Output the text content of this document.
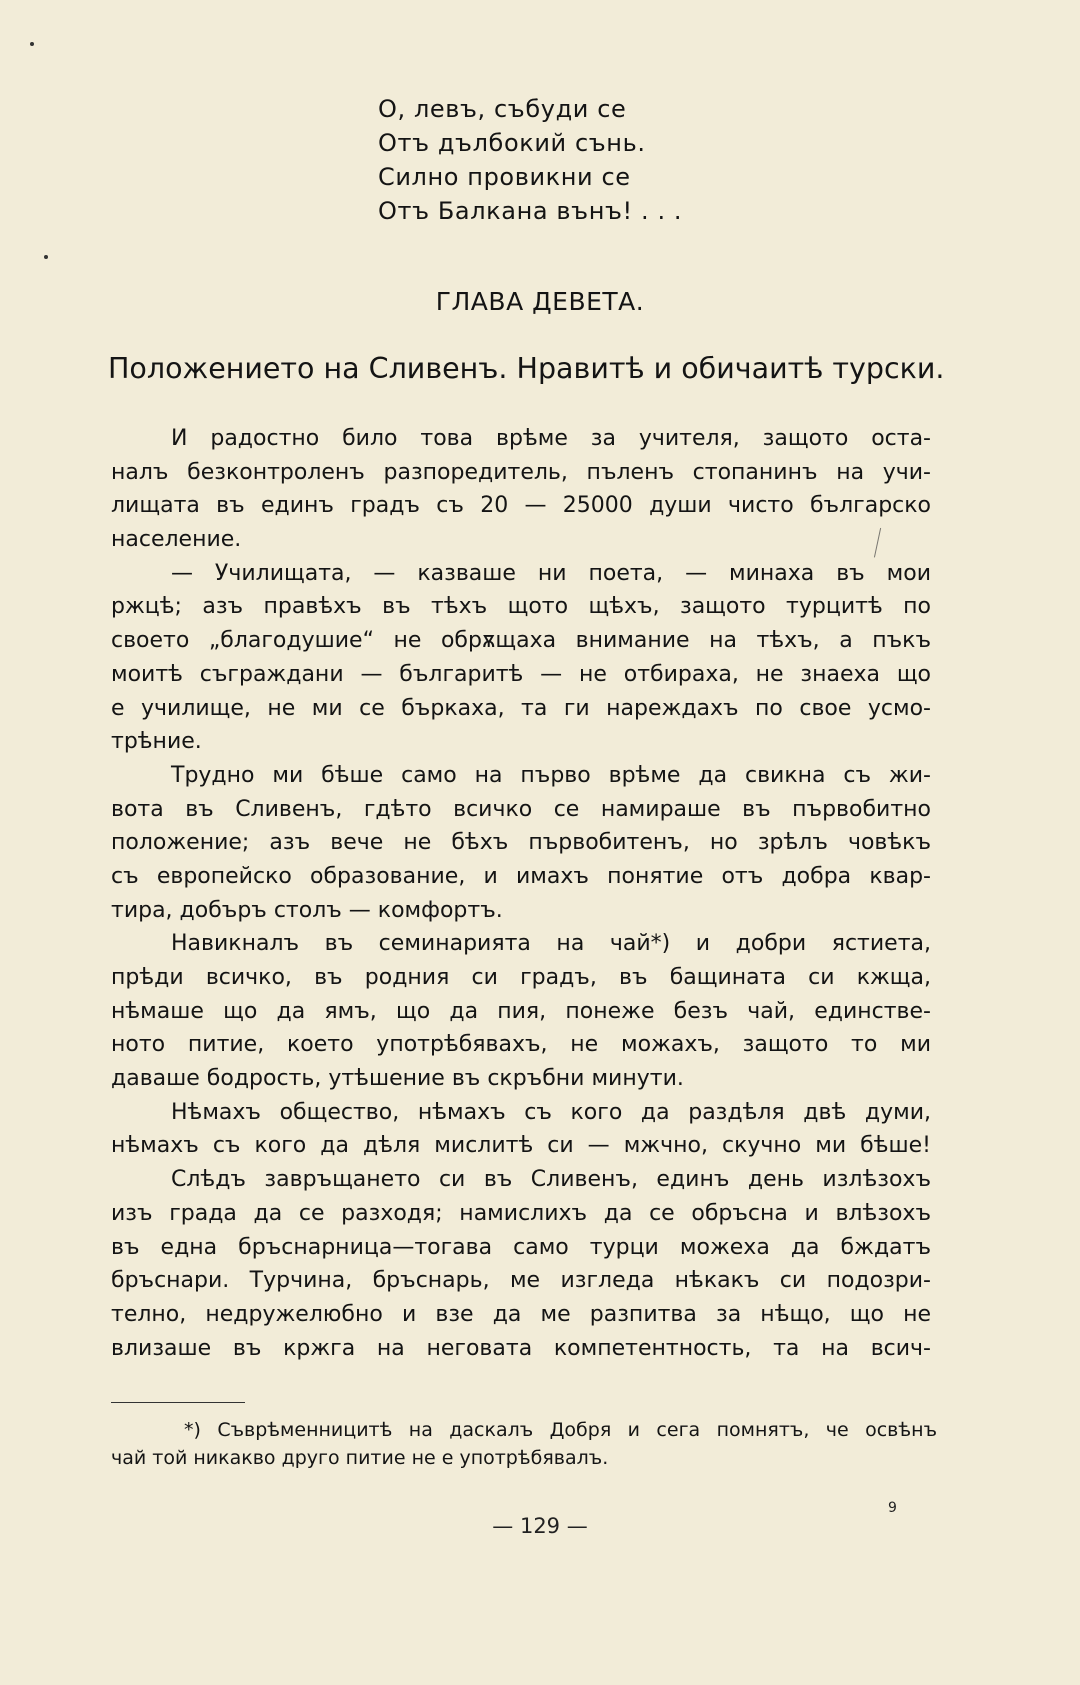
О, левъ, събуди се
Отъ дълбокий сънь.
Силно провикни се
Отъ Балкана вънъ! . . .
ГЛАВА ДЕВЕТА.
Положението на Сливенъ. Нравитѣ и обичаитѣ турски.
И радостно било това врѣме за учителя, защото оста-
налъ безконтроленъ разпоредитель, пъленъ стопанинъ на учи-
лищата въ единъ градъ съ 20 — 25000 души чисто българско
население.
— Училищата, — казваше ни поета, — минаха въ мои
ржцѣ; азъ правѣхъ въ тѣхъ щото щѣхъ, защото турцитѣ по
своето „благодушие“ не обрѫщаха внимание на тѣхъ, а пъкъ
моитѣ съграждани — българитѣ — не отбираха, не знаеха що
е училище, не ми се бъркаха, та ги нареждахъ по свое усмо-
трѣние.
Трудно ми бѣше само на първо врѣме да свикна съ жи-
вота въ Сливенъ, гдѣто всичко се намираше въ първобитно
положение; азъ вече не бѣхъ първобитенъ, но зрѣлъ човѣкъ
съ европейско образование, и имахъ понятие отъ добра квар-
тира, добъръ столъ — комфортъ.
Навикналъ въ семинарията на чай*) и добри ястиета,
прѣди всичко, въ родния си градъ, въ бащината си кжща,
нѣмаше що да ямъ, що да пия, понеже безъ чай, единстве-
ното питие, което употрѣбявахъ, не можахъ, защото то ми
даваше бодрость, утѣшение въ скръбни минути.
Нѣмахъ общество, нѣмахъ съ кого да раздѣля двѣ думи,
нѣмахъ съ кого да дѣля мислитѣ си — мжчно, скучно ми бѣше!
Слѣдъ завръщането си въ Сливенъ, единъ день излѣзохъ
изъ града да се разходя; намислихъ да се обръсна и влѣзохъ
въ една бръснарница—тогава само турци можеха да бждатъ
бръснари. Турчина, бръснарь, ме изгледа нѣкакъ си подозри-
телно, недружелюбно и взе да ме разпитва за нѣщо, що не
влизаше въ кржга на неговата компетентность, та на всич-
*) Съврѣменницитѣ на даскалъ Добря и сега помнятъ, че освѣнъ
чай той никакво друго питие не е употрѣбявалъ.
— 129 —
9
